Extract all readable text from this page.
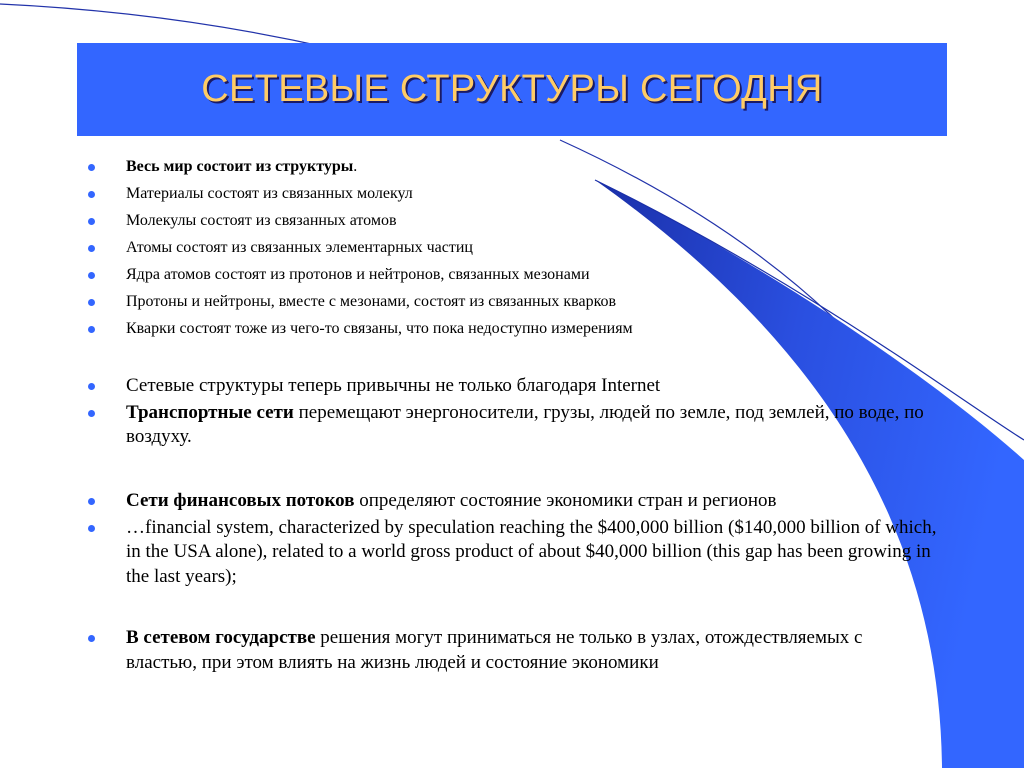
СЕТЕВЫЕ СТРУКТУРЫ СЕГОДНЯ
Весь мир состоит из структуры.
Материалы состоят из связанных молекул
Молекулы состоят из связанных атомов
Атомы состоят из связанных элементарных частиц
Ядра атомов состоят из протонов и нейтронов, связанных мезонами
Протоны и нейтроны, вместе с мезонами, состоят из связанных кварков
Кварки состоят тоже из чего-то связаны, что пока недоступно измерениям
Сетевые структуры теперь привычны не только благодаря Internet
Транспортные сети перемещают энергоносители, грузы, людей по земле, под землей, по воде, по воздуху.
Сети финансовых потоков определяют состояние экономики стран и регионов
…financial system, characterized by speculation reaching the $400,000 billion ($140,000 billion of which, in the USA alone), related to a world gross product of about $40,000 billion (this gap has been growing in the last years);
В сетевом государстве решения могут приниматься не только в узлах, отождествляемых с властью, при этом влиять на жизнь людей и состояние экономики
